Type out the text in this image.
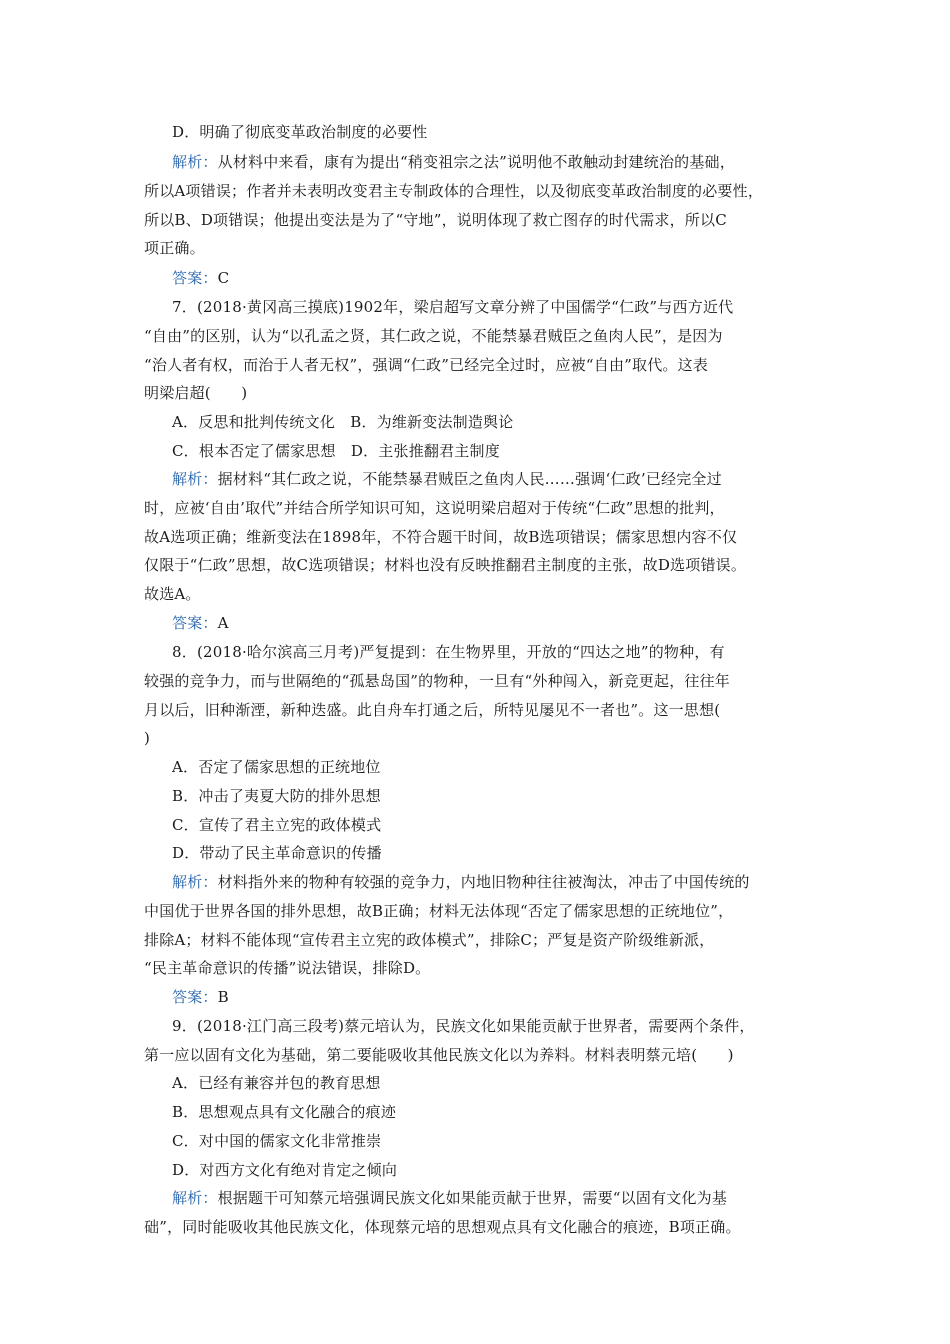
D．明确了彻底变革政治制度的必要性
解析：从材料中来看，康有为提出“稍变祖宗之法”说明他不敢触动封建统治的基础，
所以A项错误；作者并未表明改变君主专制政体的合理性，以及彻底变革政治制度的必要性，
所以B、D项错误；他提出变法是为了“守地”，说明体现了救亡图存的时代需求，所以C
项正确。
答案：C
7．(2018·黄冈高三摸底)1902年，梁启超写文章分辨了中国儒学“仁政”与西方近代
“自由”的区别，认为“以孔孟之贤，其仁政之说，不能禁暴君贼臣之鱼肉人民”，是因为
“治人者有权，而治于人者无权”，强调“仁政”已经完全过时，应被“自由”取代。这表
明梁启超(　　)
A．反思和批判传统文化　B．为维新变法制造舆论
C．根本否定了儒家思想　D．主张推翻君主制度
解析：据材料“其仁政之说，不能禁暴君贼臣之鱼肉人民……强调‘仁政’已经完全过
时，应被‘自由’取代”并结合所学知识可知，这说明梁启超对于传统“仁政”思想的批判，
故A选项正确；维新变法在1898年，不符合题干时间，故B选项错误；儒家思想内容不仅
仅限于“仁政”思想，故C选项错误；材料也没有反映推翻君主制度的主张，故D选项错误。
故选A。
答案：A
8．(2018·哈尔滨高三月考)严复提到：在生物界里，开放的“四达之地”的物种，有
较强的竞争力，而与世隔绝的“孤悬岛国”的物种，一旦有“外种闯入，新竞更起，往往年
月以后，旧种渐湮，新种迭盛。此自舟车打通之后，所特见屡见不一者也”。这一思想(
)
A．否定了儒家思想的正统地位
B．冲击了夷夏大防的排外思想
C．宣传了君主立宪的政体模式
D．带动了民主革命意识的传播
解析：材料指外来的物种有较强的竞争力，内地旧物种往往被淘汰，冲击了中国传统的
中国优于世界各国的排外思想，故B正确；材料无法体现“否定了儒家思想的正统地位”，
排除A；材料不能体现“宣传君主立宪的政体模式”，排除C；严复是资产阶级维新派，
“民主革命意识的传播”说法错误，排除D。
答案：B
9．(2018·江门高三段考)蔡元培认为，民族文化如果能贡献于世界者，需要两个条件，
第一应以固有文化为基础，第二要能吸收其他民族文化以为养料。材料表明蔡元培(　　)
A．已经有兼容并包的教育思想
B．思想观点具有文化融合的痕迹
C．对中国的儒家文化非常推崇
D．对西方文化有绝对肯定之倾向
解析：根据题干可知蔡元培强调民族文化如果能贡献于世界，需要“以固有文化为基
础”，同时能吸收其他民族文化，体现蔡元培的思想观点具有文化融合的痕迹，B项正确。
